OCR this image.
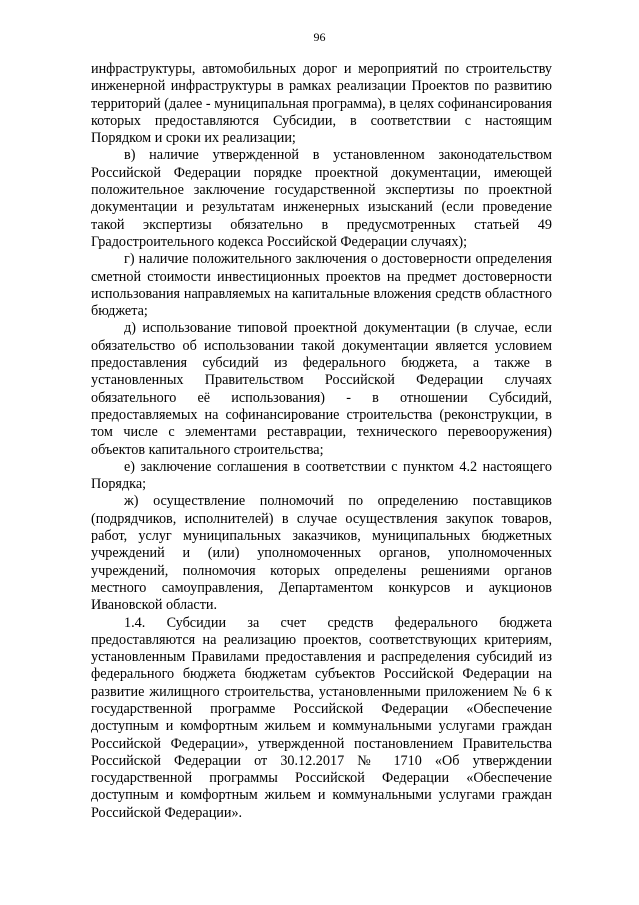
96

инфраструктуры, автомобильных дорог и мероприятий по строительству инженерной инфраструктуры в рамках реализации Проектов по развитию территорий (далее - муниципальная программа), в целях софинансирования которых предоставляются Субсидии, в соответствии с настоящим Порядком и сроки их реализации;

в) наличие утвержденной в установленном законодательством Российской Федерации порядке проектной документации, имеющей положительное заключение государственной экспертизы по проектной документации и результатам инженерных изысканий (если проведение такой экспертизы обязательно в предусмотренных статьей 49 Градостроительного кодекса Российской Федерации случаях);

г) наличие положительного заключения о достоверности определения сметной стоимости инвестиционных проектов на предмет достоверности использования направляемых на капитальные вложения средств областного бюджета;

д) использование типовой проектной документации (в случае, если обязательство об использовании такой документации является условием предоставления субсидий из федерального бюджета, а также в установленных Правительством Российской Федерации случаях обязательного её использования) - в отношении Субсидий, предоставляемых на софинансирование строительства (реконструкции, в том числе с элементами реставрации, технического перевооружения) объектов капитального строительства;

е) заключение соглашения в соответствии с пунктом 4.2 настоящего Порядка;

ж) осуществление полномочий по определению поставщиков (подрядчиков, исполнителей) в случае осуществления закупок товаров, работ, услуг муниципальных заказчиков, муниципальных бюджетных учреждений и (или) уполномоченных органов, уполномоченных учреждений, полномочия которых определены решениями органов местного самоуправления, Департаментом конкурсов и аукционов Ивановской области.

1.4. Субсидии за счет средств федерального бюджета предоставляются на реализацию проектов, соответствующих критериям, установленным Правилами предоставления и распределения субсидий из федерального бюджета бюджетам субъектов Российской Федерации на развитие жилищного строительства, установленными приложением № 6 к государственной программе Российской Федерации «Обеспечение доступным и комфортным жильем и коммунальными услугами граждан Российской Федерации», утвержденной постановлением Правительства Российской Федерации от 30.12.2017 № 1710 «Об утверждении государственной программы Российской Федерации «Обеспечение доступным и комфортным жильем и коммунальными услугами граждан Российской Федерации».
